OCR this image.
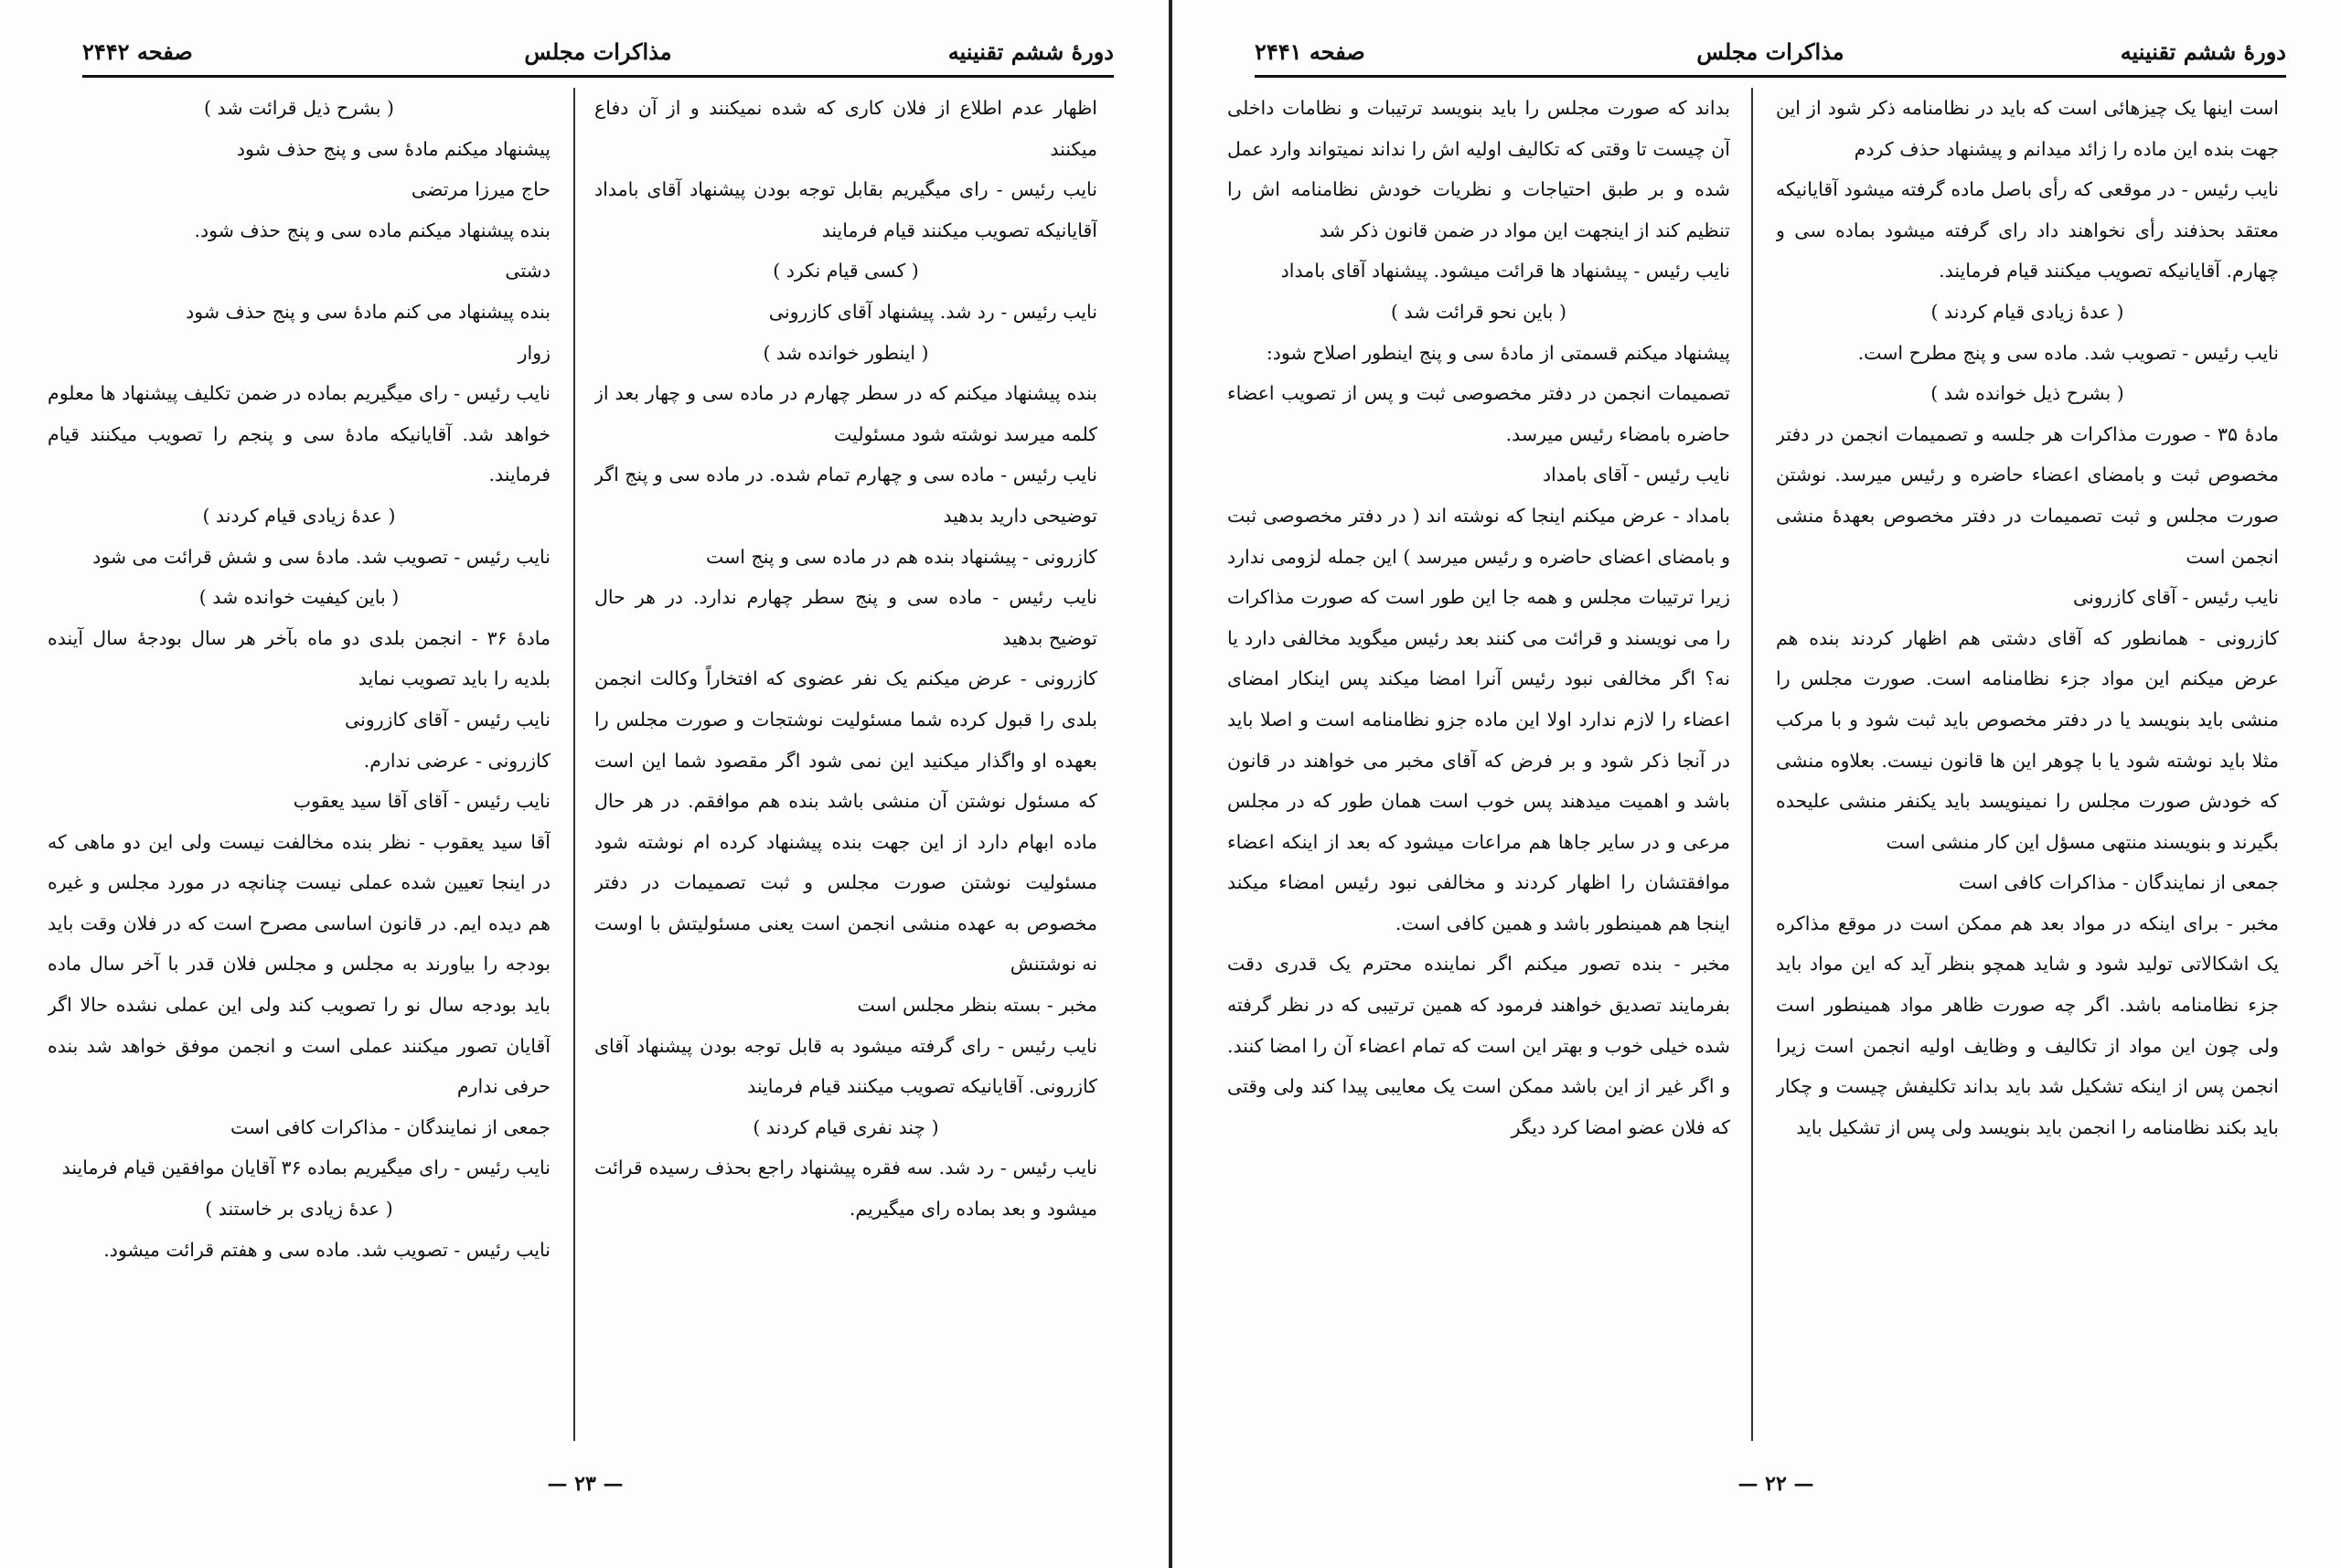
دورهٔ ششم تقنینیه
مذاکرات مجلس
صفحه ۲۴۴۲

اظهار عدم اطلاع از فلان کاری که شده نمیکنند و از آن دفاع میکنند

نایب رئیس - رای میگیریم بقابل توجه بودن پیشنهاد آقای بامداد آقایانیکه تصویب میکنند قیام فرمایند

( کسی قیام نکرد )

نایب رئیس - رد شد. پیشنهاد آقای کازرونی

( اینطور خوانده شد )

بنده پیشنهاد میکنم که در سطر چهارم در ماده سی و چهار بعد از کلمه میرسد نوشته شود مسئولیت

نایب رئیس - ماده سی و چهارم تمام شده. در ماده سی و پنج اگر توضیحی دارید بدهید

کازرونی - پیشنهاد بنده هم در ماده سی و پنج است

نایب رئیس - ماده سی و پنج سطر چهارم ندارد. در هر حال توضیح بدهید

کازرونی - عرض میکنم یک نفر عضوی که افتخاراً وکالت انجمن بلدی را قبول کرده شما مسئولیت نوشتجات و صورت مجلس را بعهده او واگذار میکنید این نمی شود اگر مقصود شما این است که مسئول نوشتن آن منشی باشد بنده هم موافقم. در هر حال ماده ابهام دارد از این جهت بنده پیشنهاد کرده ام نوشته شود مسئولیت نوشتن صورت مجلس و ثبت تصمیمات در دفتر مخصوص به عهده منشی انجمن است یعنی مسئولیتش با اوست نه نوشتنش

مخبر - بسته بنظر مجلس است

نایب رئیس - رای گرفته میشود به قابل توجه بودن پیشنهاد آقای کازرونی. آقایانیکه تصویب میکنند قیام فرمایند

( چند نفری قیام کردند )

نایب رئیس - رد شد. سه فقره پیشنهاد راجع بحذف رسیده قرائت میشود و بعد بماده رای میگیریم.

( بشرح ذیل قرائت شد )

پیشنهاد میکنم مادهٔ سی و پنج حذف شود

حاج میرزا مرتضی

بنده پیشنهاد میکنم ماده سی و پنج حذف شود.

دشتی

بنده پیشنهاد می کنم مادهٔ سی و پنج حذف شود

زوار

نایب رئیس - رای میگیریم بماده در ضمن تکلیف پیشنهاد ها معلوم خواهد شد. آقایانیکه مادهٔ سی و پنجم را تصویب میکنند قیام فرمایند.

( عدهٔ زیادی قیام کردند )

نایب رئیس - تصویب شد. مادهٔ سی و شش قرائت می شود

( باین کیفیت خوانده شد )

مادهٔ ۳۶ - انجمن بلدی دو ماه بآخر هر سال بودجهٔ سال آینده بلدیه را باید تصویب نماید

نایب رئیس - آقای کازرونی

کازرونی - عرضی ندارم.

نایب رئیس - آقای آقا سید یعقوب

آقا سید یعقوب - نظر بنده مخالفت نیست ولی این دو ماهی که در اینجا تعیین شده عملی نیست چنانچه در مورد مجلس و غیره هم دیده ایم. در قانون اساسی مصرح است که در فلان وقت باید بودجه را بیاورند به مجلس و مجلس فلان قدر با آخر سال ماده باید بودجه سال نو را تصویب کند ولی این عملی نشده حالا اگر آقایان تصور میکنند عملی است و انجمن موفق خواهد شد بنده حرفی ندارم

جمعی از نمایندگان - مذاکرات کافی است

نایب رئیس - رای میگیریم بماده ۳۶ آقایان موافقین قیام فرمایند

( عدهٔ زیادی بر خاستند )

نایب رئیس - تصویب شد. ماده سی و هفتم قرائت میشود.

— ۲۳ —
دورهٔ ششم تقنینیه
مذاکرات مجلس
صفحه ۲۴۴۱

است اینها یک چیزهائی است که باید در نظامنامه ذکر شود از این جهت بنده این ماده را زائد میدانم و پیشنهاد حذف کردم

نایب رئیس - در موقعی که رأی باصل ماده گرفته میشود آقایانیکه معتقد بحذفند رأی نخواهند داد رای گرفته میشود بماده سی و چهارم. آقایانیکه تصویب میکنند قیام فرمایند.

( عدهٔ زیادی قیام کردند )

نایب رئیس - تصویب شد. ماده سی و پنج مطرح است.

( بشرح ذیل خوانده شد )

مادهٔ ۳۵ - صورت مذاکرات هر جلسه و تصمیمات انجمن در دفتر مخصوص ثبت و بامضای اعضاء حاضره و رئیس میرسد. نوشتن صورت مجلس و ثبت تصمیمات در دفتر مخصوص بعهدهٔ منشی انجمن است

نایب رئیس - آقای کازرونی

کازرونی - همانطور که آقای دشتی هم اظهار کردند بنده هم عرض میکنم این مواد جزء نظامنامه است. صورت مجلس را منشی باید بنویسد یا در دفتر مخصوص باید ثبت شود و با مرکب مثلا باید نوشته شود یا با چوهر این ها قانون نیست. بعلاوه منشی که خودش صورت مجلس را نمینویسد باید یکنفر منشی علیحده بگیرند و بنویسند منتهی مسؤل این کار منشی است

جمعی از نمایندگان - مذاکرات کافی است

مخبر - برای اینکه در مواد بعد هم ممکن است در موقع مذاکره یک اشکالاتی تولید شود و شاید همچو بنظر آید که این مواد باید جزء نظامنامه باشد. اگر چه صورت ظاهر مواد همینطور است ولی چون این مواد از تکالیف و وظایف اولیه انجمن است زیرا انجمن پس از اینکه تشکیل شد باید بداند تکلیفش چیست و چکار باید بکند نظامنامه را انجمن باید بنویسد ولی پس از تشکیل باید

بداند که صورت مجلس را باید بنویسد ترتیبات و نظامات داخلی آن چیست تا وقتی که تکالیف اولیه اش را نداند نمیتواند وارد عمل شده و بر طبق احتیاجات و نظریات خودش نظامنامه اش را تنظیم کند از اینجهت این مواد در ضمن قانون ذکر شد

نایب رئیس - پیشنهاد ها قرائت میشود. پیشنهاد آقای بامداد

( باین نحو قرائت شد )

پیشنهاد میکنم قسمتی از مادهٔ سی و پنج اینطور اصلاح شود:

تصمیمات انجمن در دفتر مخصوصی ثبت و پس از تصویب اعضاء حاضره بامضاء رئیس میرسد.

نایب رئیس - آقای بامداد

بامداد - عرض میکنم اینجا که نوشته اند ( در دفتر مخصوصی ثبت و بامضای اعضای حاضره و رئیس میرسد ) این جمله لزومی ندارد زیرا ترتیبات مجلس و همه جا این طور است که صورت مذاکرات را می نویسند و قرائت می کنند بعد رئیس میگوید مخالفی دارد یا نه؟ اگر مخالفی نبود رئیس آنرا امضا میکند پس اینکار امضای اعضاء را لازم ندارد اولا این ماده جزو نظامنامه است و اصلا باید در آنجا ذکر شود و بر فرض که آقای مخبر می خواهند در قانون باشد و اهمیت میدهند پس خوب است همان طور که در مجلس مرعی و در سایر جاها هم مراعات میشود که بعد از اینکه اعضاء موافقتشان را اظهار کردند و مخالفی نبود رئیس امضاء میکند اینجا هم همینطور باشد و همین کافی است.

مخبر - بنده تصور میکنم اگر نماینده محترم یک قدری دقت بفرمایند تصدیق خواهند فرمود که همین ترتیبی که در نظر گرفته شده خیلی خوب و بهتر این است که تمام اعضاء آن را امضا کنند. و اگر غیر از این باشد ممکن است یک معایبی پیدا کند ولی وقتی که فلان عضو امضا کرد دیگر

— ۲۲ —
